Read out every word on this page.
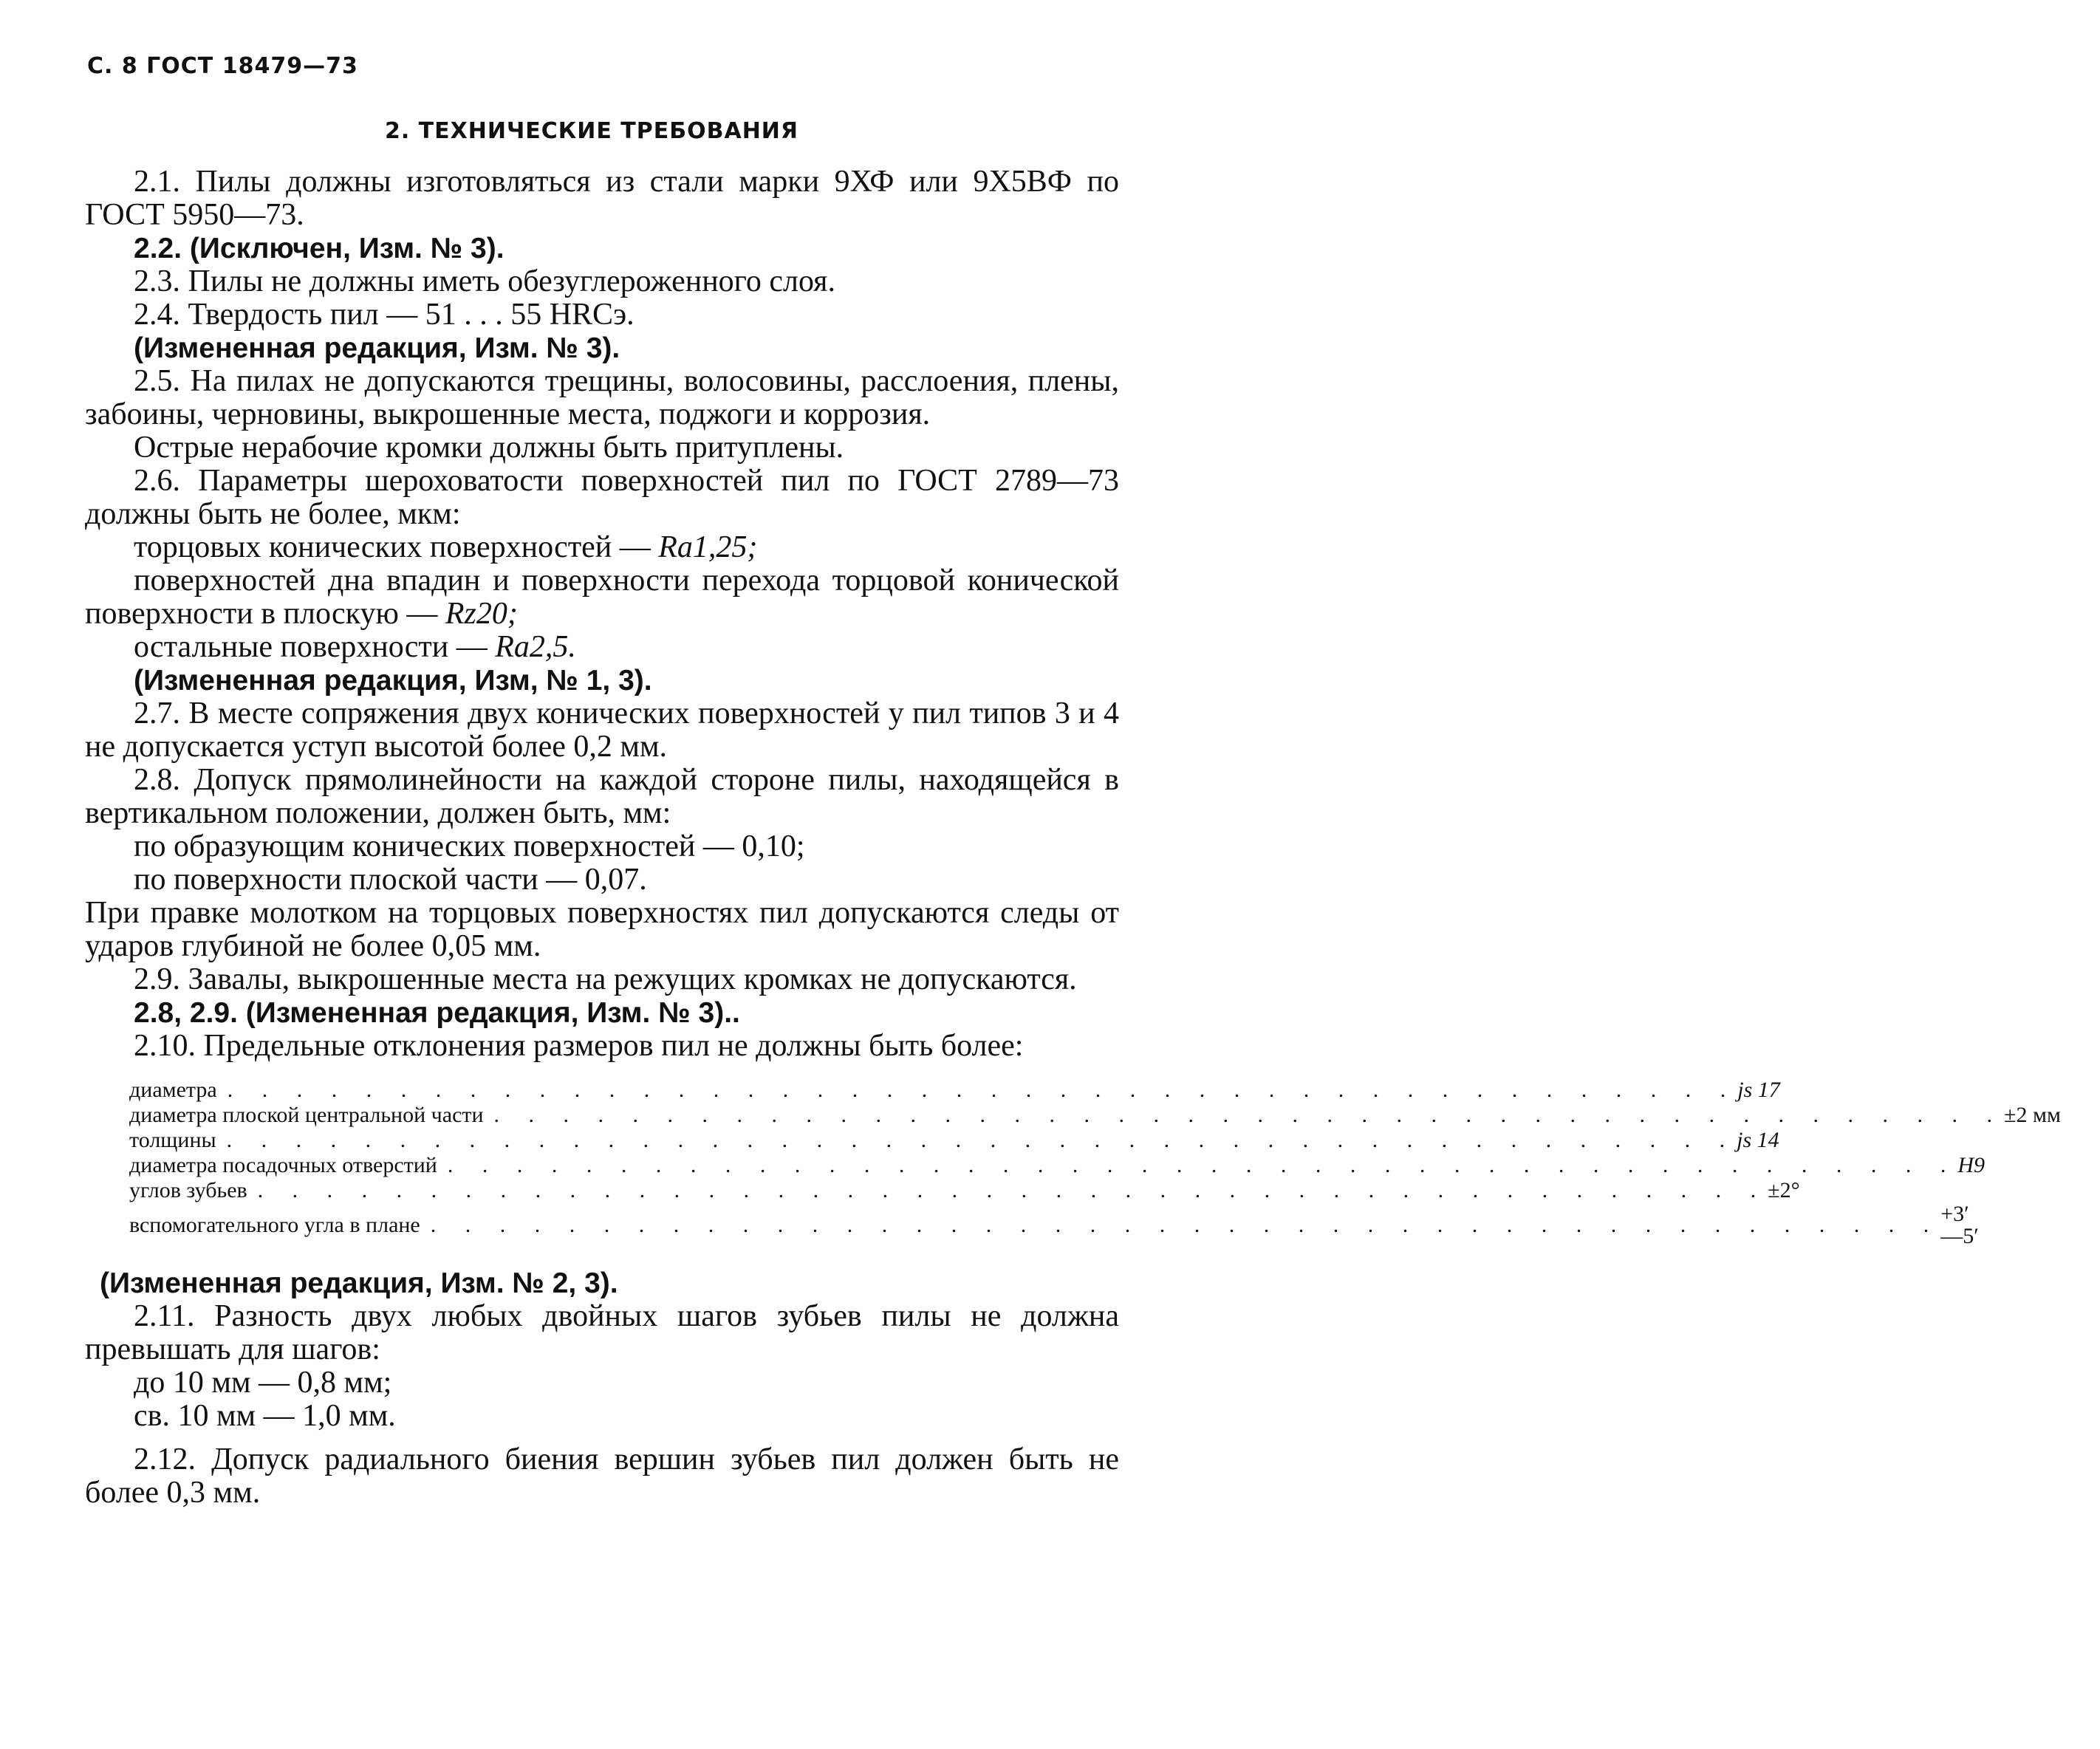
С. 8 ГОСТ 18479—73
2. ТЕХНИЧЕСКИЕ ТРЕБОВАНИЯ

2.1. Пилы должны изготовляться из стали марки 9ХФ или 9Х5ВФ по ГОСТ 5950—73.

2.2. (Исключен, Изм. № 3).

2.3. Пилы не должны иметь обезуглероженного слоя.

2.4. Твердость пил — 51 . . . 55 HRCэ.

(Измененная редакция, Изм. № 3).

2.5. На пилах не допускаются трещины, волосовины, расслоения, плены, забоины, черновины, выкрошенные места, поджоги и коррозия.

Острые нерабочие кромки должны быть притуплены.

2.6. Параметры шероховатости поверхностей пил по ГОСТ 2789—73 должны быть не более, мкм:

торцовых конических поверхностей — Ra1,25;

поверхностей дна впадин и поверхности перехода торцовой конической поверхности в плоскую — Rz20;

остальные поверхности — Ra2,5.

(Измененная редакция, Изм, № 1, 3).

2.7. В месте сопряжения двух конических поверхностей у пил типов 3 и 4 не допускается уступ высотой более 0,2 мм.

2.8. Допуск прямолинейности на каждой стороне пилы, находящейся в вертикальном положении, должен быть, мм:

по образующим конических поверхностей — 0,10;

по поверхности плоской части — 0,07.

При правке молотком на торцовых поверхностях пил допускаются следы от ударов глубиной не более 0,05 мм.

2.9. Завалы, выкрошенные места на режущих кромках не допускаются.

2.8, 2.9. (Измененная редакция, Изм. № 3)..

2.10. Предельные отклонения размеров пил не должны быть более:

диаметра . . . . . . . . . . . . . . . . . . . . . . . . . . . . . . . . . . . . . . . . . . . . js 17
диаметра плоской центральной части . . . . . . . . . . . . . . . . . . . . . . . . . . . . . . . . . . . . . . . . . . . . ±2 мм
толщины . . . . . . . . . . . . . . . . . . . . . . . . . . . . . . . . . . . . . . . . . . . . js 14
диаметра посадочных отверстий . . . . . . . . . . . . . . . . . . . . . . . . . . . . . . . . . . . . . . . . . . . . H9
углов зубьев . . . . . . . . . . . . . . . . . . . . . . . . . . . . . . . . . . . . . . . . . . . . ±2°
вспомогательного угла в плане . . . . . . . . . . . . . . . . . . . . . . . . . . . . . . . . . . . . . . . . . . . . +3′
—5′

(Измененная редакция, Изм. № 2, 3).

2.11. Разность двух любых двойных шагов зубьев пилы не должна превышать для шагов:

до 10 мм — 0,8 мм;

св. 10 мм — 1,0 мм.

2.12. Допуск радиального биения вершин зубьев пил должен быть не более 0,3 мм.
